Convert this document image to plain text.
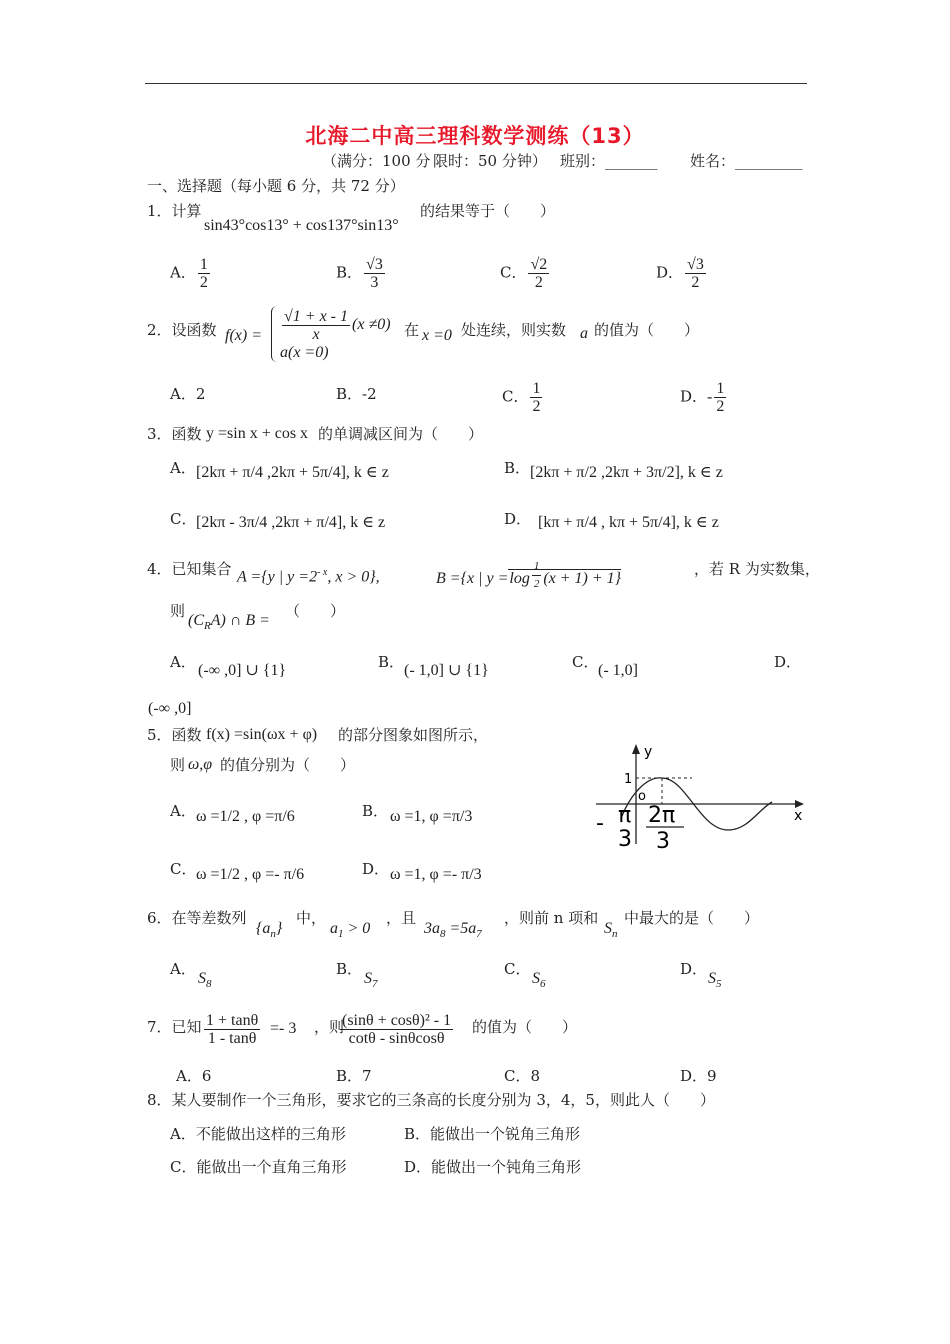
北海二中高三理科数学测练（13）
（满分：100 分 限时：50 分钟） 班别：_______ 姓名：_________
一、选择题（每小题 6 分，共 72 分）
1．计算
sin43°cos13° + cos137°sin13°
的结果等于（　　）
A． $\frac{1}{2}$	B． $\frac{√3}{3}$	C． $\frac{√2}{2}$	D． $\frac{√3}{2}$
2．设函数 $f(x) = \frac{√1 + x - 1}{x} (x \ne 0)$
a(x =0)
在 x =0 处连续，则实数 a 的值为（　　）
A．2	B．-2	C． $\frac{1}{2}$	D．- $\frac{1}{2}$
3．函数 y =sin x + cos x 的单调减区间为（　　）
A． [2kπ + π/4 ,2kπ + 5π/4], k ∈ z	B． [2kπ + π/2 ,2kπ + 3π/2], k ∈ z
C． [2kπ - 3π/4 ,2kπ + π/4], k ∈ z	D． [kπ + π/4 , kπ + 5π/4], k ∈ z
4．已知集合 A ={y | $y =2^{- x}$, x > 0},	B ={x | $y =\log \frac{1}{2} (x + 1) + 1$}
，若 R 为实数集，
则
$(C_RA)$ ∩ B =
（　　）
A． (-∞ ,0] ∪ {1}	B． (- 1,0] ∪ {1}	C． (- 1,0]	D．
(-∞ ,0]
5．函数 f(x) =sin(ωx + φ) 的部分图象如图所示，
则 ω,φ 的值分别为（　　）
A． ω =1/2 , φ =π/6	B． ω =1, φ =π/3
C． ω =1/2 , φ =- π/6	D． ω =1, φ =- π/3
y
x
1
o
- π
3
2π
3
6．在等差数列
$\{a_n\}$
中，
$a_1 > 0$
，且
$3a_8 =5a_7$
，则前 n 项和
$S_n$
中最大的是（　　）
A．
$S_8$
B．
$S_7$
C．
$S_6$
D．
$S_5$
7．已知 $\frac{1 + \tan\theta}{1 - \tan\theta} =- 3$ ，则
$\frac{\text{(sinθ + cosθ)² - 1}}{\cot\theta - \sin\theta\cos\theta}$ 的值为（　　）
A．6	B．7	C．8	D．9
8．某人要制作一个三角形，要求它的三条高的长度分别为 3，4，5，则此人（　　）
A．不能做出这样的三角形	B．能做出一个锐角三角形
C．能做出一个直角三角形	D．能做出一个钝角三角形
